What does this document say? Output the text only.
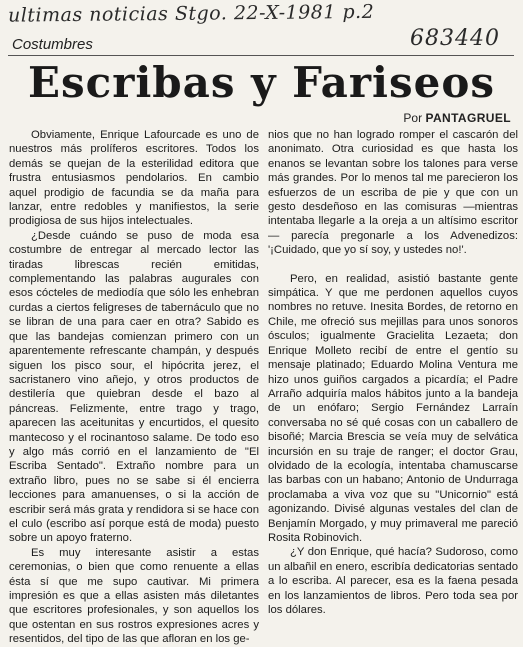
ultimas noticias Stgo. 22-X-1981 p.2
Costumbres	683440
Escribas y Fariseos
Por PANTAGRUEL

Obviamente, Enrique Lafourcade es uno de nuestros más prolíferos escritores. Todos los demás se quejan de la esterilidad editora que frustra entusiasmos pendolarios. En cambio aquel prodigio de facundia se da maña para lanzar, entre redobles y manifiestos, la serie prodigiosa de sus hijos intelectuales.

¿Desde cuándo se puso de moda esa costumbre de entregar al mercado lector las tiradas librescas recién emitidas, complementando las palabras augurales con esos cócteles de mediodía que sólo les enhebran curdas a ciertos feligreses de tabernáculo que no se libran de una para caer en otra? Sabido es que las bandejas comienzan primero con un aparentemente refrescante champán, y después siguen los pisco sour, el hipócrita jerez, el sacristanero vino añejo, y otros productos de destilería que quiebran desde el bazo al páncreas. Felizmente, entre trago y trago, aparecen las aceitunitas y encurtidos, el quesito mantecoso y el rocinantoso salame. De todo eso y algo más corrió en el lanzamiento de "El Escriba Sentado". Extraño nombre para un extraño libro, pues no se sabe si él encierra lecciones para amanuenses, o si la acción de escribir será más grata y rendidora si se hace con el culo (escribo así porque está de moda) puesto sobre un apoyo fraterno.

Es muy interesante asistir a estas ceremonias, o bien que como renuente a ellas ésta sí que me supo cautivar. Mi primera impresión es que a ellas asisten más diletantes que escritores profesionales, y son aquellos los que ostentan en sus rostros expresiones acres y resentidos, del tipo de las que afloran en los ge-

nios que no han logrado romper el cascarón del anonimato. Otra curiosidad es que hasta los enanos se levantan sobre los talones para verse más grandes. Por lo menos tal me parecieron los esfuerzos de un escriba de pie y que con un gesto desdeñoso en las comisuras —mientras intentaba llegarle a la oreja a un altísimo escritor— parecía pregonarle a los Advenedizos: '¡Cuidado, que yo sí soy, y ustedes no!'.

Pero, en realidad, asistió bastante gente simpática. Y que me perdonen aquellos cuyos nombres no retuve. Inesita Bordes, de retorno en Chile, me ofreció sus mejillas para unos sonoros ósculos; igualmente Gracielita Lezaeta; don Enrique Molleto recibí de entre el gentío su mensaje platinado; Eduardo Molina Ventura me hizo unos guiños cargados a picardía; el Padre Arraño adquiría malos hábitos junto a la bandeja de un enófaro; Sergio Fernández Larraín conversaba no sé qué cosas con un caballero de bisoñé; Marcia Brescia se veía muy de selvática incursión en su traje de ranger; el doctor Grau, olvidado de la ecología, intentaba chamuscarse las barbas con un habano; Antonio de Undurraga proclamaba a viva voz que su "Unicornio" está agonizando. Divisé algunas vestales del clan de Benjamín Morgado, y muy primaveral me pareció Rosita Robinovich.

¿Y don Enrique, qué hacía? Sudoroso, como un albañil en enero, escribía dedicatorias sentado a lo escriba. Al parecer, esa es la faena pesada en los lanzamientos de libros. Pero toda sea por los dólares.
